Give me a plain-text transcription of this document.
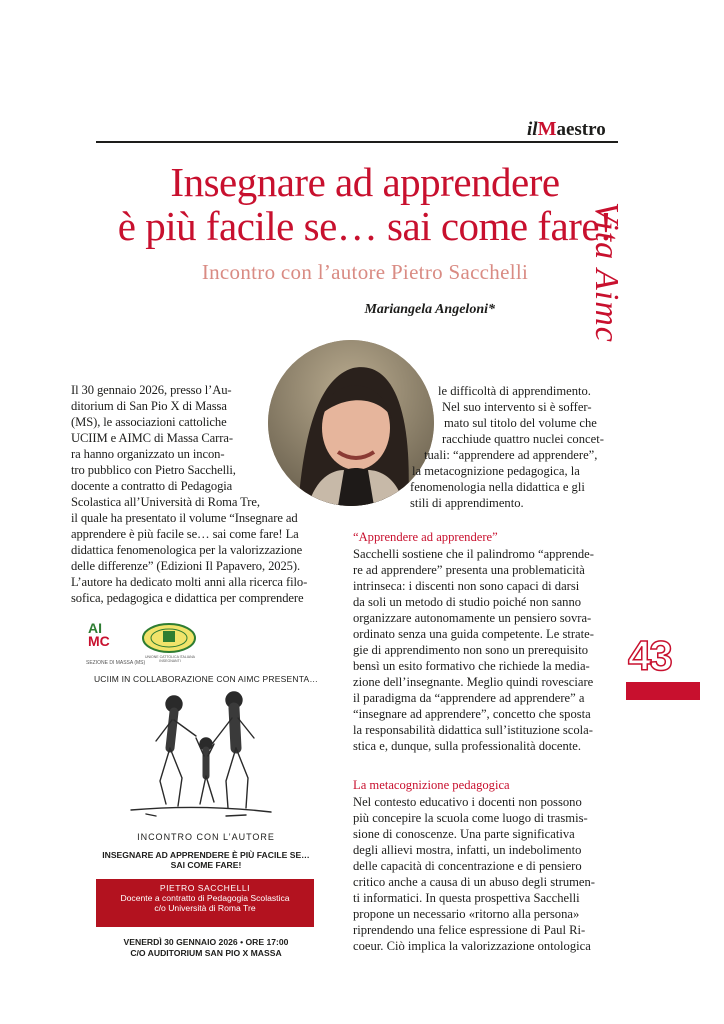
ilMaestro
Vita Aimc
Insegnare ad apprendere
è più facile se… sai come fare!
Incontro con l’autore Pietro Sacchelli
Mariangela Angeloni*
Il 30 gennaio 2026, presso l’Au-
ditorium di San Pio X di Massa
(MS), le associazioni cattoliche
UCIIM e AIMC di Massa Carra-
ra hanno organizzato un incon-
tro pubblico con Pietro Sacchelli,
docente a contratto di Pedagogia
Scolastica all’Università di Roma Tre,
il quale ha presentato il volume “Insegnare ad
apprendere è più facile se… sai come fare! La
didattica fenomenologica per la valorizzazione
delle differenze” (Edizioni Il Papavero, 2025).
L’autore ha dedicato molti anni alla ricerca filo-
sofica, pedagogica e didattica per comprendere
le difficoltà di apprendimento.
Nel suo intervento si è soffer-
mato sul titolo del volume che
racchiude quattro nuclei concet-
tuali: “apprendere ad apprendere”,
la metacognizione pedagogica, la
fenomenologia nella didattica e gli
stili di apprendimento.
“Apprendere ad apprendere”
Sacchelli sostiene che il palindromo “apprende-
re ad apprendere” presenta una problematicità
intrinseca: i discenti non sono capaci di darsi
da soli un metodo di studio poiché non sanno
organizzare autonomamente un pensiero sovra-
ordinato senza una guida competente. Le strate-
gie di apprendimento non sono un prerequisito
bensì un esito formativo che richiede la media-
zione dell’insegnante. Meglio quindi rovesciare
il paradigma da “apprendere ad apprendere” a
“insegnare ad apprendere”, concetto che sposta
la responsabilità didattica sull’istituzione scola-
stica e, dunque, sulla professionalità docente.
La metacognizione pedagogica
Nel contesto educativo i docenti non possono
più concepire la scuola come luogo di trasmis-
sione di conoscenze. Una parte significativa
degli allievi mostra, infatti, un indebolimento
delle capacità di concentrazione e di pensiero
critico anche a causa di un abuso degli strumen-
ti informatici. In questa prospettiva Sacchelli
propone un necessario «ritorno alla persona»
riprendendo una felice espressione di Paul Ri-
coeur. Ciò implica la valorizzazione ontologica
43
AI
MC
UNIONE CATTOLICA ITALIANA INSEGNANTI
SEZIONE DI MASSA (MS)
UCIIM IN COLLABORAZIONE CON AIMC PRESENTA…
INCONTRO CON L’AUTORE
INSEGNARE AD APPRENDERE È PIÙ FACILE SE…
SAI COME FARE!
PIETRO SACCHELLI
Docente a contratto di Pedagogia Scolastica
c/o Università di Roma Tre
VENERDÌ 30 GENNAIO 2026 • ORE 17:00
C/O AUDITORIUM SAN PIO X MASSA
